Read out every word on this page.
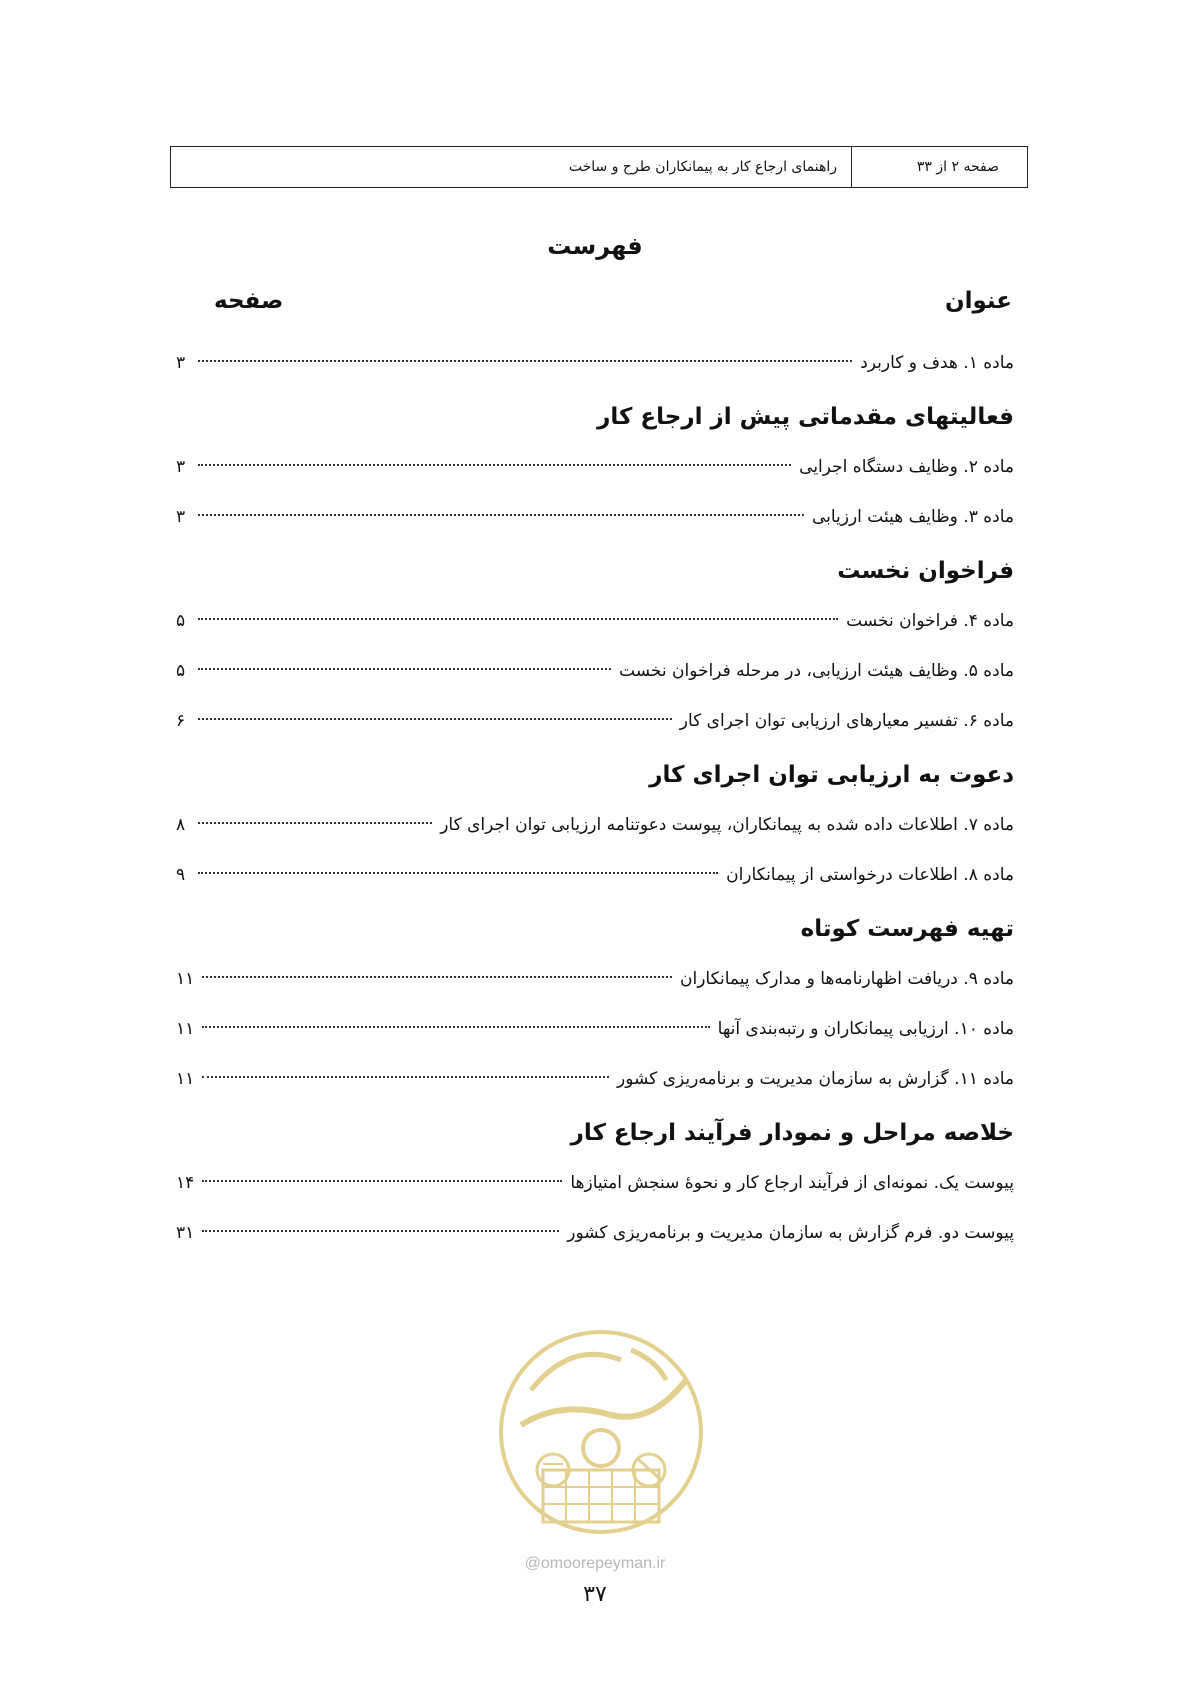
صفحه ۲ از ۳۳
راهنمای ارجاع کار به پیمانکاران طرح و ساخت
فهرست
عنوان
صفحه
ماده ۱. هدف و کاربرد
۳
فعالیتهای مقدماتی پیش از ارجاع کار
ماده ۲. وظایف دستگاه اجرایی
۳
ماده ۳. وظایف هیئت ارزیابی
۳
فراخوان نخست
ماده ۴. فراخوان نخست
۵
ماده ۵. وظایف هیئت ارزیابی، در مرحله فراخوان نخست
۵
ماده ۶. تفسیر معیارهای ارزیابی توان اجرای کار
۶
دعوت به ارزیابی توان اجرای کار
ماده ۷. اطلاعات داده شده به پیمانکاران، پیوست دعوتنامه ارزیابی توان اجرای کار
۸
ماده ۸. اطلاعات درخواستی از پیمانکاران
۹
تهیه فهرست کوتاه
ماده ۹. دریافت اظهارنامه‌ها و مدارک پیمانکاران
۱۱
ماده ۱۰. ارزیابی پیمانکاران و رتبه‌بندی آنها
۱۱
ماده ۱۱. گزارش به سازمان مدیریت و برنامه‌ریزی کشور
۱۱
خلاصه مراحل و نمودار فرآیند ارجاع کار
پیوست یک. نمونه‌ای از فرآیند ارجاع کار و نحوۀ سنجش امتیازها
۱۴
پیوست دو. فرم گزارش به سازمان مدیریت و برنامه‌ریزی کشور
۳۱
@omoorepeyman.ir
۳۷
